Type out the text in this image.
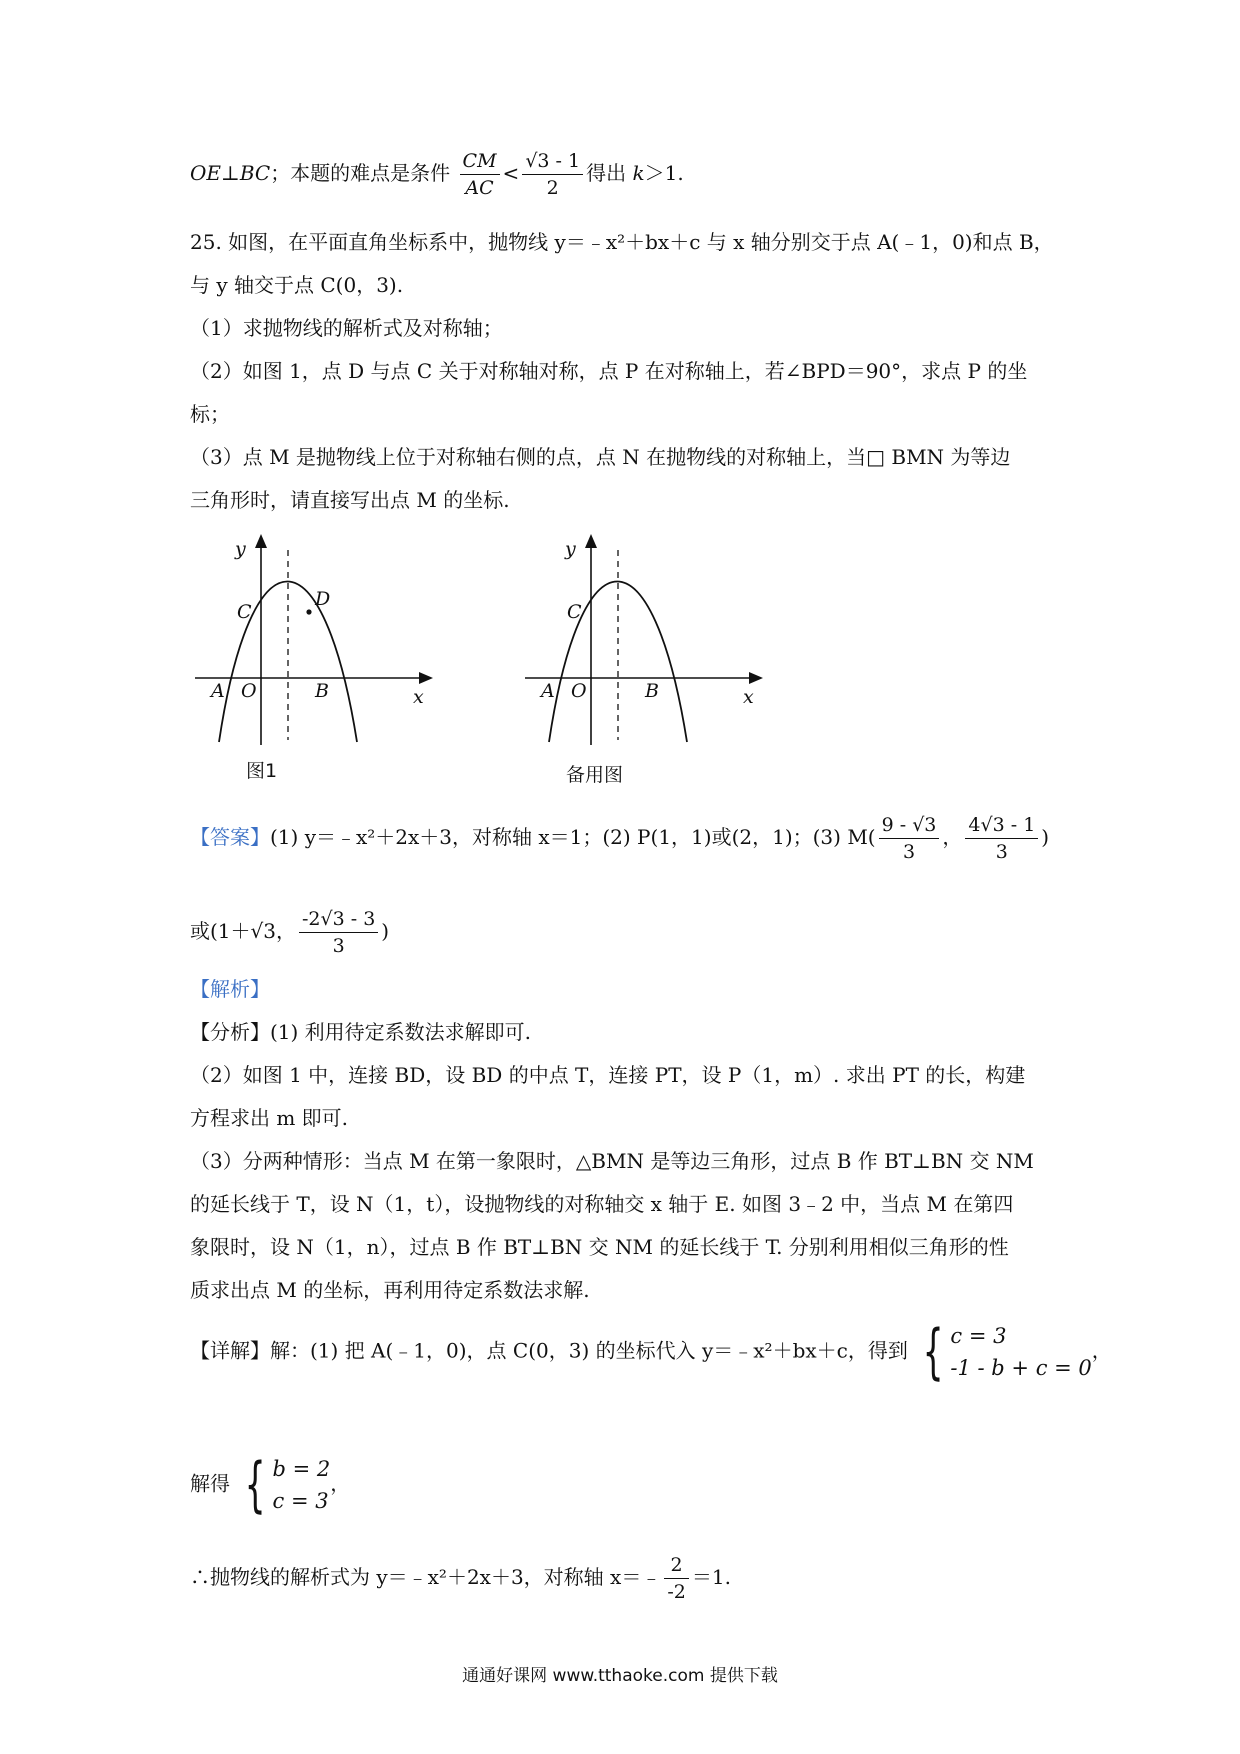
OE⊥BC；本题的难点是条件 $\frac{CM}{AC} < \frac{√3 - 1}{2}$ 得出 k＞1.
25. 如图，在平面直角坐标系中，抛物线 y＝﹣x²＋bx＋c 与 x 轴分别交于点 A(﹣1，0)和点 B，
与 y 轴交于点 C(0，3).
（1）求抛物线的解析式及对称轴；
（2）如图 1，点 D 与点 C 关于对称轴对称，点 P 在对称轴上，若∠BPD＝90°，求点 P 的坐
标；
（3）点 M 是抛物线上位于对称轴右侧的点，点 N 在抛物线的对称轴上，当□ BMN 为等边
三角形时，请直接写出点 M 的坐标.
y
C
D
A O	B	x
图1
y
C
A O	B	x
备用图
【答案】(1) y＝﹣x²＋2x＋3，对称轴 x＝1；(2) P(1，1)或(2，1)；(3) $M( \frac{9 - √3}{3}$ ， $\frac{4√3 - 1}{3}$ )
或(1＋√3， $\frac{-2√3 - 3}{3}$ )
【解析】
【分析】(1) 利用待定系数法求解即可.
（2）如图 1 中，连接 BD，设 BD 的中点 T，连接 PT，设 P（1，m）. 求出 PT 的长，构建
方程求出 m 即可.
（3）分两种情形：当点 M 在第一象限时，△BMN 是等边三角形，过点 B 作 BT⊥BN 交 NM
的延长线于 T，设 N（1，t），设抛物线的对称轴交 x 轴于 E. 如图 3﹣2 中，当点 M 在第四
象限时，设 N（1，n），过点 B 作 BT⊥BN 交 NM 的延长线于 T. 分别利用相似三角形的性
质求出点 M 的坐标，再利用待定系数法求解.
【详解】解：(1) 把 A(﹣1，0)，点 C(0，3) 的坐标代入 y＝﹣x²＋bx＋c，得到 { c = 3
-1 - b + c = 0
，
解得 { b = 2
c = 3
，
∴抛物线的解析式为 y＝﹣x²＋2x＋3，对称轴 x＝﹣ $\frac{2}{-2} =1$.
通通好课网 www.tthaoke.com 提供下载
